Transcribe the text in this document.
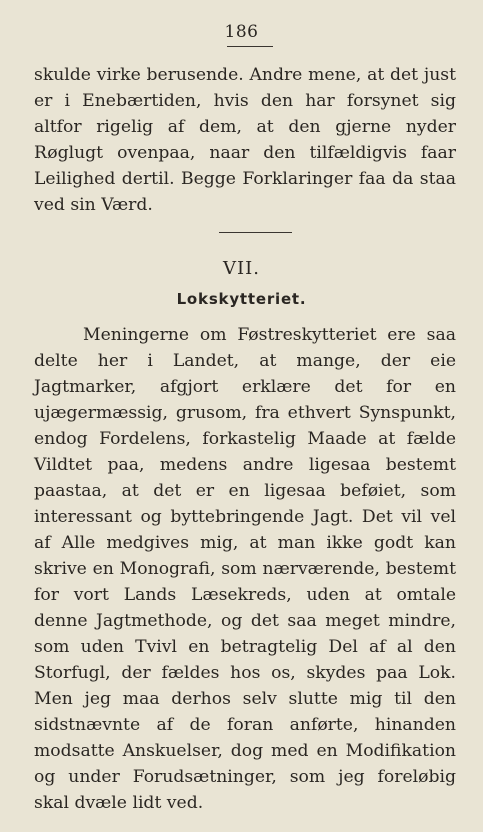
186

skulde virke berusende. Andre mene, at det just er i Enebærtiden, hvis den har forsynet sig altfor rigelig af dem, at den gjerne nyder Røglugt ovenpaa, naar den tilfældigvis faar Leilighed dertil. Begge Forklaringer faa da staa ved sin Værd.

VII.
Lokskytteriet.

Meningerne om Føstreskytteriet ere saa delte her i Landet, at mange, der eie Jagtmarker, afgjort erklære det for en ujægermæssig, grusom, fra ethvert Synspunkt, endog Fordelens, forkastelig Maade at fælde Vildtet paa, medens andre ligesaa bestemt paastaa, at det er en ligesaa beføiet, som interessant og byttebringende Jagt. Det vil vel af Alle medgives mig, at man ikke godt kan skrive en Monografi, som nærværende, bestemt for vort Lands Læsekreds, uden at omtale denne Jagtmethode, og det saa meget mindre, som uden Tvivl en betragtelig Del af al den Storfugl, der fældes hos os, skydes paa Lok. Men jeg maa derhos selv slutte mig til den sidstnævnte af de foran anførte, hinanden modsatte Anskuelser, dog med en Modifikation og under Forudsætninger, som jeg foreløbig skal dvæle lidt ved.
